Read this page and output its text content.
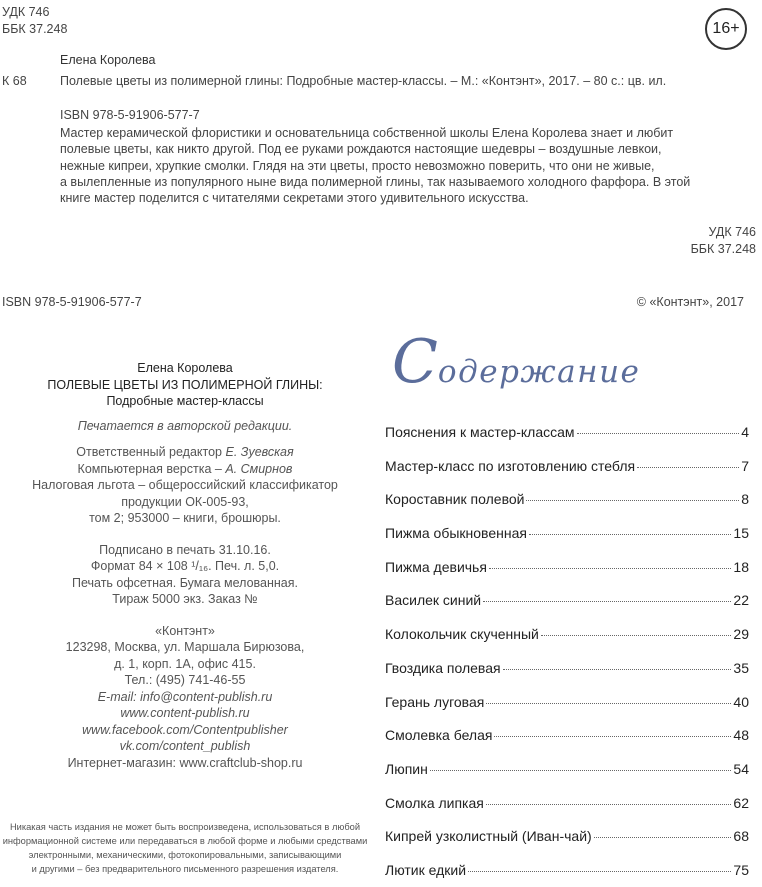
УДК 746
ББК 37.248	16+
Елена Королева
К 68	Полевые цветы из полимерной глины: Подробные мастер-классы. – М.: «Контэнт», 2017. – 80 с.: цв. ил.
ISBN 978-5-91906-577-7
Мастер керамической флористики и основательница собственной школы Елена Королева знает и любит
полевые цветы, как никто другой. Под ее руками рождаются настоящие шедевры – воздушные левкои,
нежные кипреи, хрупкие смолки. Глядя на эти цветы, просто невозможно поверить, что они не живые,
а вылепленные из популярного ныне вида полимерной глины, так называемого холодного фарфора. В этой
книге мастер поделится с читателями секретами этого удивительного искусства.
УДК 746
ББК 37.248
ISBN 978-5-91906-577-7	© «Контэнт», 2017
Елена Королева
ПОЛЕВЫЕ ЦВЕТЫ ИЗ ПОЛИМЕРНОЙ ГЛИНЫ:
Подробные мастер-классы
Печатается в авторской редакции.
Ответственный редактор Е. Зуевская
Компьютерная верстка – А. Смирнов
Налоговая льгота – общероссийский классификатор
продукции ОК-005-93,
том 2; 953000 – книги, брошюры.
Подписано в печать 31.10.16.
Формат 84 × 108 ¹/₁₆. Печ. л. 5,0.
Печать офсетная. Бумага мелованная.
Тираж 5000 экз. Заказ №
«Контэнт»
123298, Москва, ул. Маршала Бирюзова,
д. 1, корп. 1А, офис 415.
Тел.: (495) 741-46-55
E-mail: info@content-publish.ru
www.content-publish.ru
www.facebook.com/Contentpublisher
vk.com/content_publish
Интернет-магазин: www.craftclub-shop.ru
Никакая часть издания не может быть воспроизведена, использоваться в любой
информационной системе или передаваться в любой форме и любыми средствами
электронными, механическими, фотокопировальными, записывающими
и другими – без предварительного письменного разрешения издателя.
Содержание
Пояснения к мастер-классам	4
Мастер-класс по изготовлению стебля	7
Короставник полевой	8
Пижма обыкновенная	15
Пижма девичья	18
Василек синий	22
Колокольчик скученный	29
Гвоздика полевая	35
Герань луговая	40
Смолевка белая	48
Люпин	54
Смолка липкая	62
Кипрей узколистный (Иван-чай)	68
Лютик едкий	75
